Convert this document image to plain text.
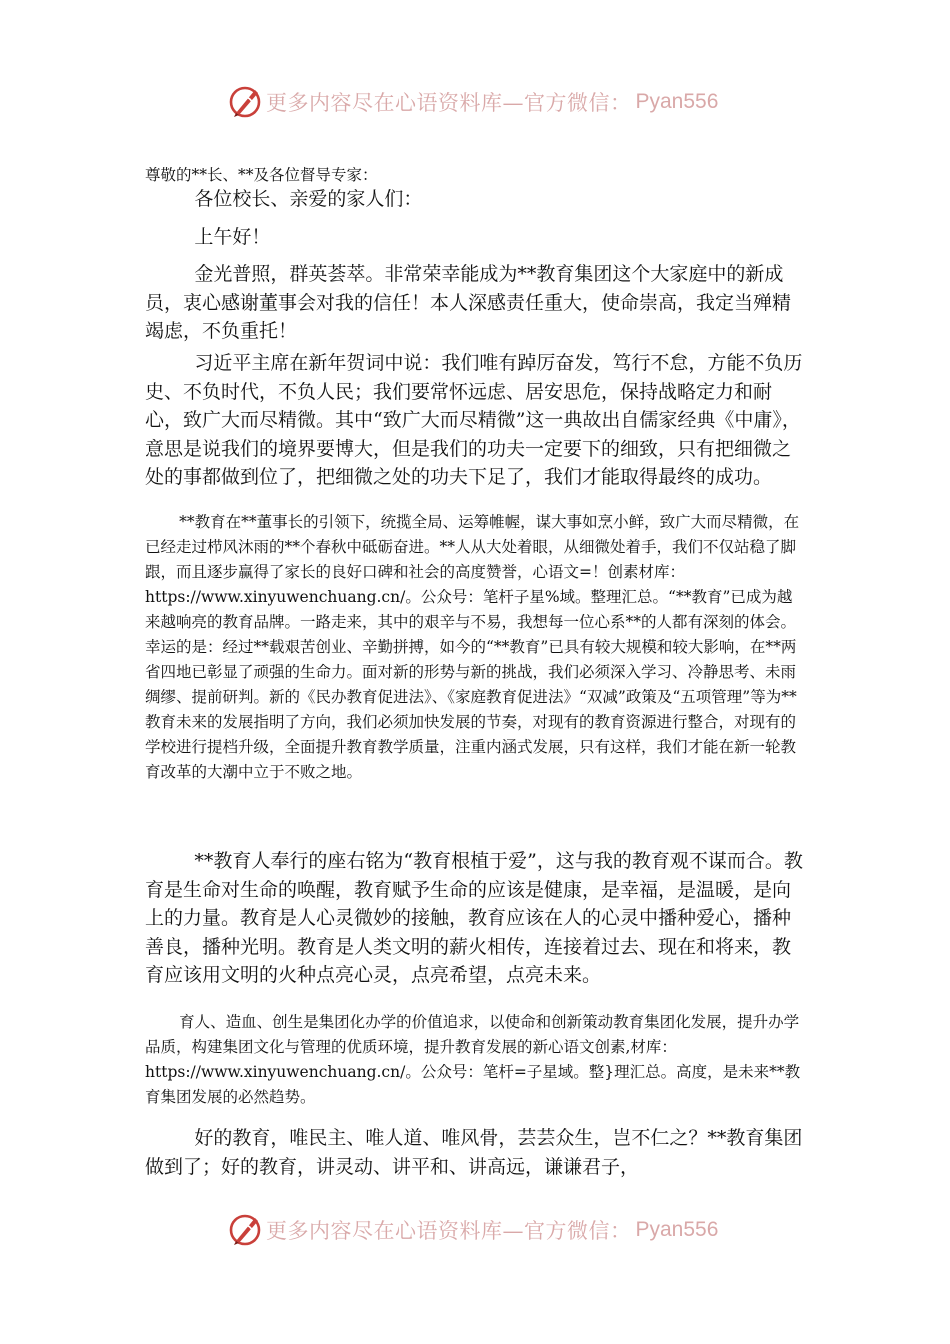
更多内容尽在心语资料库—官方微信： Pyan556

尊敬的**长、**及各位督导专家：

各位校长、亲爱的家人们：

上午好！

金光普照，群英荟萃。非常荣幸能成为**教育集团这个大家庭中的新成员，衷心感谢董事会对我的信任！本人深感责任重大，使命崇高，我定当殚精竭虑，不负重托！

习近平主席在新年贺词中说：我们唯有踔厉奋发，笃行不怠，方能不负历史、不负时代，不负人民；我们要常怀远虑、居安思危，保持战略定力和耐心，致广大而尽精微。其中“致广大而尽精微”这一典故出自儒家经典《中庸》，意思是说我们的境界要博大，但是我们的功夫一定要下的细致，只有把细微之处的事都做到位了，把细微之处的功夫下足了，我们才能取得最终的成功。

**教育在**董事长的引领下，统揽全局、运筹帷幄，谋大事如烹小鲜，致广大而尽精微，在已经走过栉风沐雨的**个春秋中砥砺奋进。**人从大处着眼，从细微处着手，我们不仅站稳了脚跟，而且逐步赢得了家长的良好口碑和社会的高度赞誉，心语文=！创素材库：https://www.xinyuwenchuang.cn/。公众号：笔杆子星%域。整理汇总。“**教育”已成为越来越响亮的教育品牌。一路走来，其中的艰辛与不易，我想每一位心系**的人都有深刻的体会。幸运的是：经过**载艰苦创业、辛勤拼搏，如今的“**教育”已具有较大规模和较大影响，在**两省四地已彰显了顽强的生命力。面对新的形势与新的挑战，我们必须深入学习、冷静思考、未雨绸缪、提前研判。新的《民办教育促进法》、《家庭教育促进法》“双减”政策及“五项管理”等为**教育未来的发展指明了方向，我们必须加快发展的节奏，对现有的教育资源进行整合，对现有的学校进行提档升级，全面提升教育教学质量，注重内涵式发展，只有这样，我们才能在新一轮教育改革的大潮中立于不败之地。

**教育人奉行的座右铭为“教育根植于爱”，这与我的教育观不谋而合。教育是生命对生命的唤醒，教育赋予生命的应该是健康，是幸福，是温暖，是向上的力量。教育是人心灵微妙的接触，教育应该在人的心灵中播种爱心，播种善良，播种光明。教育是人类文明的薪火相传，连接着过去、现在和将来，教育应该用文明的火种点亮心灵，点亮希望，点亮未来。

育人、造血、创生是集团化办学的价值追求，以使命和创新策动教育集团化发展，提升办学品质，构建集团文化与管理的优质环境，提升教育发展的新心语文创素,材库：https://www.xinyuwenchuang.cn/。公众号：笔杆=子星域。整}理汇总。高度，是未来**教育集团发展的必然趋势。

好的教育，唯民主、唯人道、唯风骨，芸芸众生，岂不仁之？**教育集团做到了；好的教育，讲灵动、讲平和、讲高远，谦谦君子，

更多内容尽在心语资料库—官方微信： Pyan556
